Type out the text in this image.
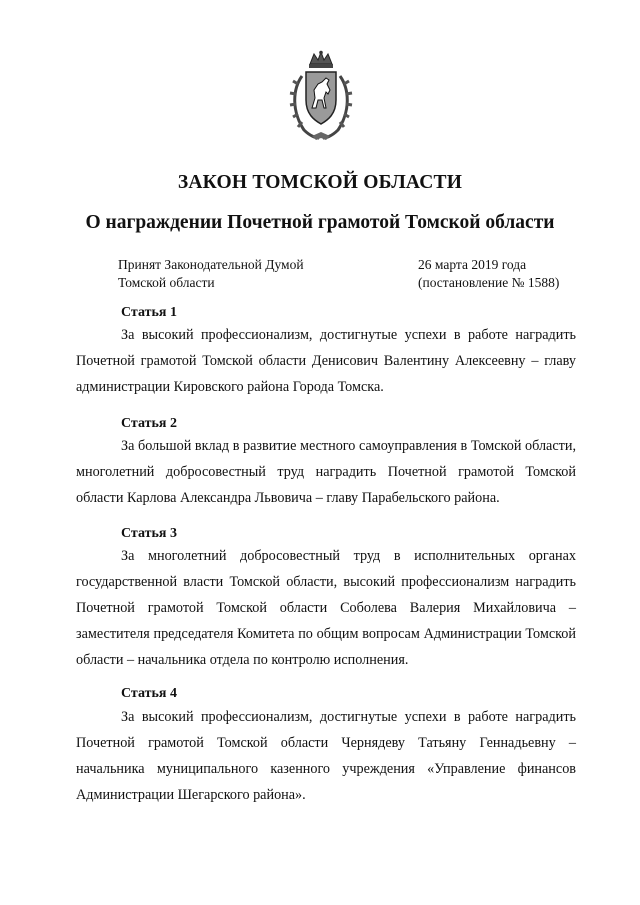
ЗАКОН ТОМСКОЙ ОБЛАСТИ
О награждении Почетной грамотой Томской области
Принят Законодательной Думой
Томской области
26 марта 2019 года
(постановление № 1588)
Статья 1

За высокий профессионализм, достигнутые успехи в работе наградить Почетной грамотой Томской области Денисович Валентину Алексеевну – главу администрации Кировского района Города Томска.

Статья 2

За большой вклад в развитие местного самоуправления в Томской области, многолетний добросовестный труд наградить Почетной грамотой Томской области Карлова Александра Львовича – главу Парабельского района.

Статья 3

За многолетний добросовестный труд в исполнительных органах государственной власти Томской области, высокий профессионализм наградить Почетной грамотой Томской области Соболева Валерия Михайловича – заместителя председателя Комитета по общим вопросам Администрации Томской области – начальника отдела по контролю исполнения.

Статья 4

За высокий профессионализм, достигнутые успехи в работе наградить Почетной грамотой Томской области Чернядеву Татьяну Геннадьевну – начальника муниципального казенного учреждения «Управление финансов Администрации Шегарского района».
